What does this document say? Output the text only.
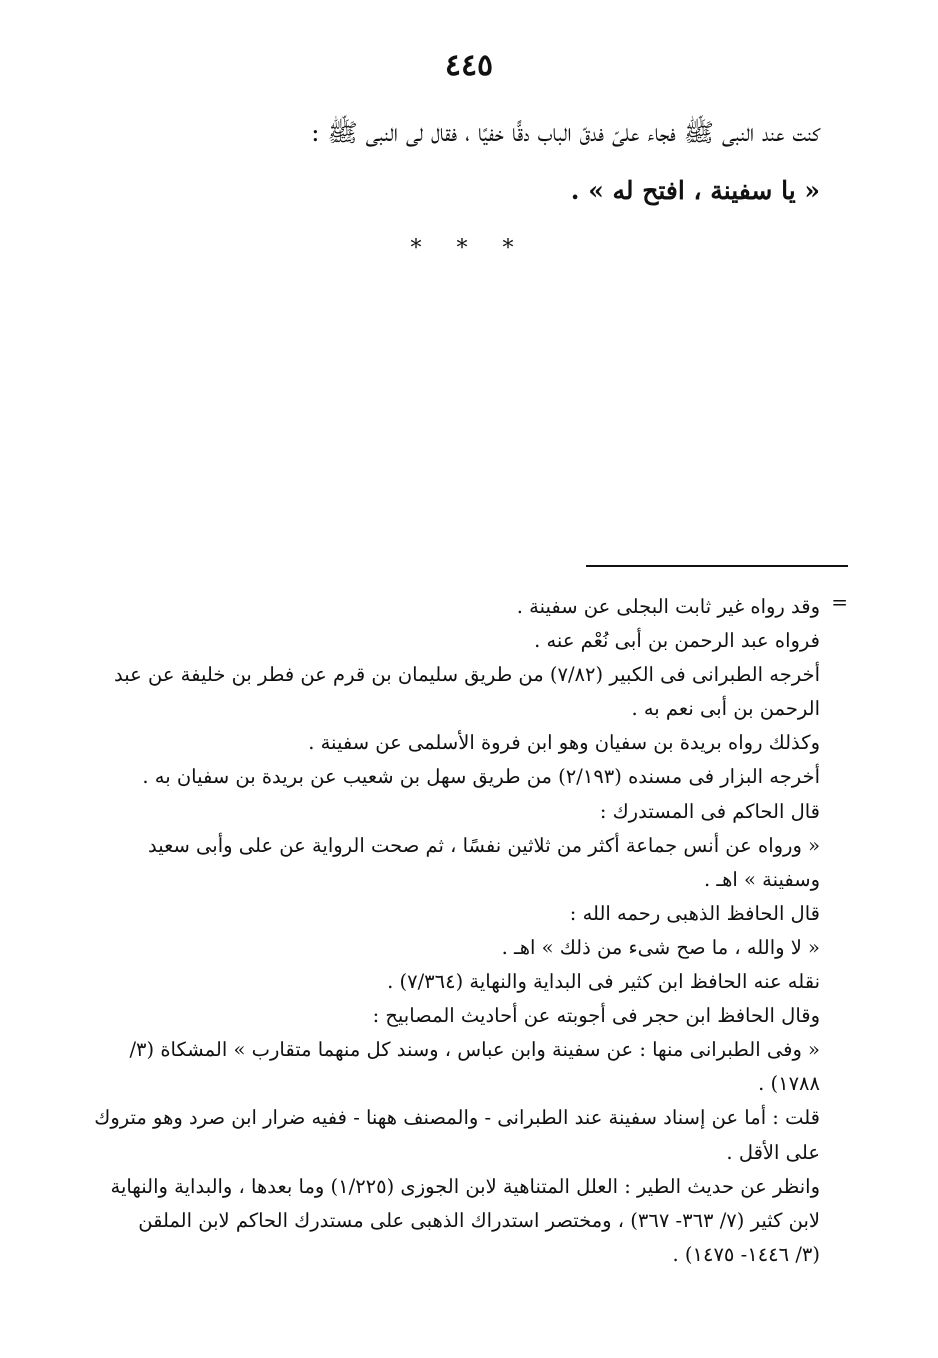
٤٤٥
كنت عند النبى ﷺ فجاء علىّ فدقّ الباب دقًّا خفيًا ، فقال لى النبى ﷺ :
« يا سفينة ، افتح له » .
* * *
=
وقد رواه غير ثابت البجلى عن سفينة .
فرواه عبد الرحمن بن أبى نُعْم عنه .
أخرجه الطبرانى فى الكبير (٧/٨٢) من طريق سليمان بن قرم عن فطر بن خليفة عن عبد
الرحمن بن أبى نعم به .
وكذلك رواه بريدة بن سفيان وهو ابن فروة الأسلمى عن سفينة .
أخرجه البزار فى مسنده (٢/١٩٣) من طريق سهل بن شعيب عن بريدة بن سفيان به .
قال الحاكم فى المستدرك :
« ورواه عن أنس جماعة أكثر من ثلاثين نفسًا ، ثم صحت الرواية عن على وأبى سعيد
وسفينة » اهـ .
قال الحافظ الذهبى رحمه الله :
« لا والله ، ما صح شىء من ذلك » اهـ .
نقله عنه الحافظ ابن كثير فى البداية والنهاية (٧/٣٦٤) .
وقال الحافظ ابن حجر فى أجوبته عن أحاديث المصابيح :
« وفى الطبرانى منها : عن سفينة وابن عباس ، وسند كل منهما متقارب » المشكاة (٣/
١٧٨٨) .
قلت : أما عن إسناد سفينة عند الطبرانى - والمصنف ههنا - ففيه ضرار ابن صرد وهو متروك
على الأقل .
وانظر عن حديث الطير : العلل المتناهية لابن الجوزى (١/٢٢٥) وما بعدها ، والبداية والنهاية
لابن كثير (٧/ ٣٦٣- ٣٦٧) ، ومختصر استدراك الذهبى على مستدرك الحاكم لابن الملقن
(٣/ ١٤٤٦- ١٤٧٥) .
